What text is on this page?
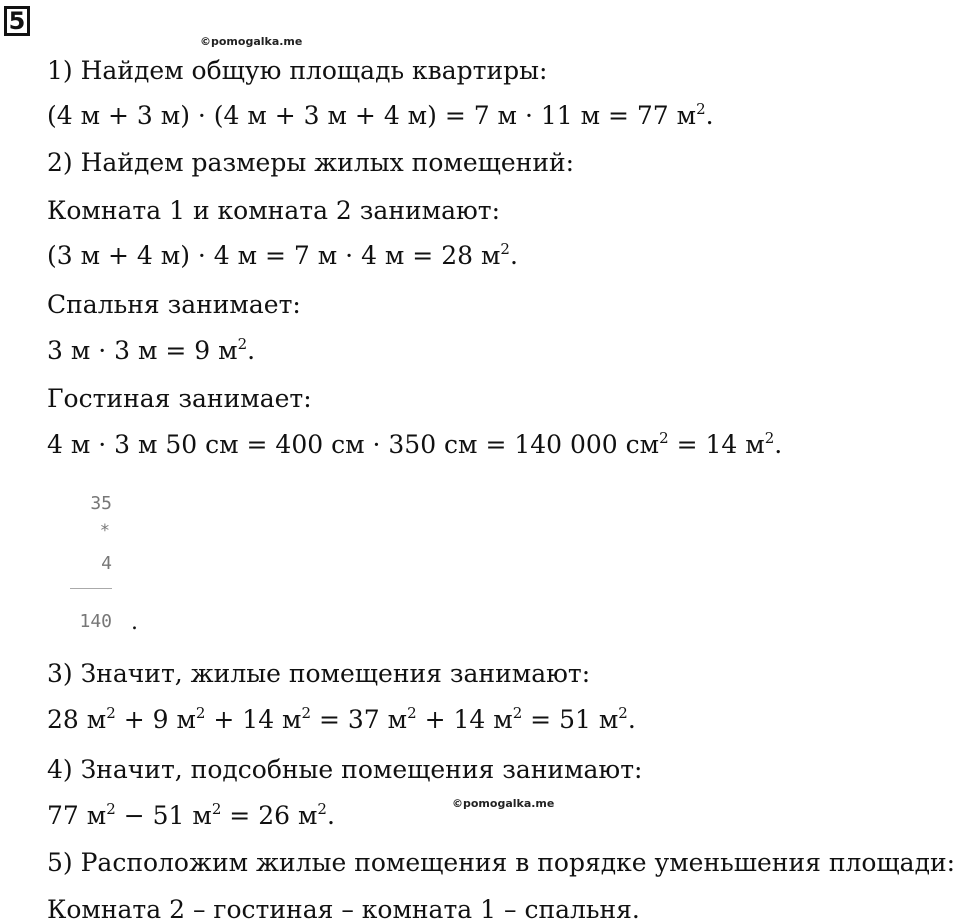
5
©pomogalka.me
©pomogalka.me
1) Найдем общую площадь квартиры:
(4 м + 3 м) · (4 м + 3 м + 4 м) = 7 м · 11 м = 77 $м^2$.
2) Найдем размеры жилых помещений:
Комната 1 и комната 2 занимают:
(3 м + 4 м) · 4 м = 7 м · 4 м = 28 $м^2$.
Спальня занимает:
3 м · 3 м = 9 $м^2$.
Гостиная занимает:
4 м · 3 м 50 см = 400 см · 350 см = 140 000 $см^2 = 14$ $м^2$.
3) Значит, жилые помещения занимают:
28 $м^2 + 9$ $м^2 + 14$ $м^2 = 37$ $м^2 + 14$ $м^2 = 51$ $м^2$.
4) Значит, подсобные помещения занимают:
77 $м^2 - 51$ $м^2 = 26$ $м^2$.
5) Расположим жилые помещения в порядке уменьшения площади:
Комната 2 – гостиная – комната 1 – спальня.
35
*
4
140 .
